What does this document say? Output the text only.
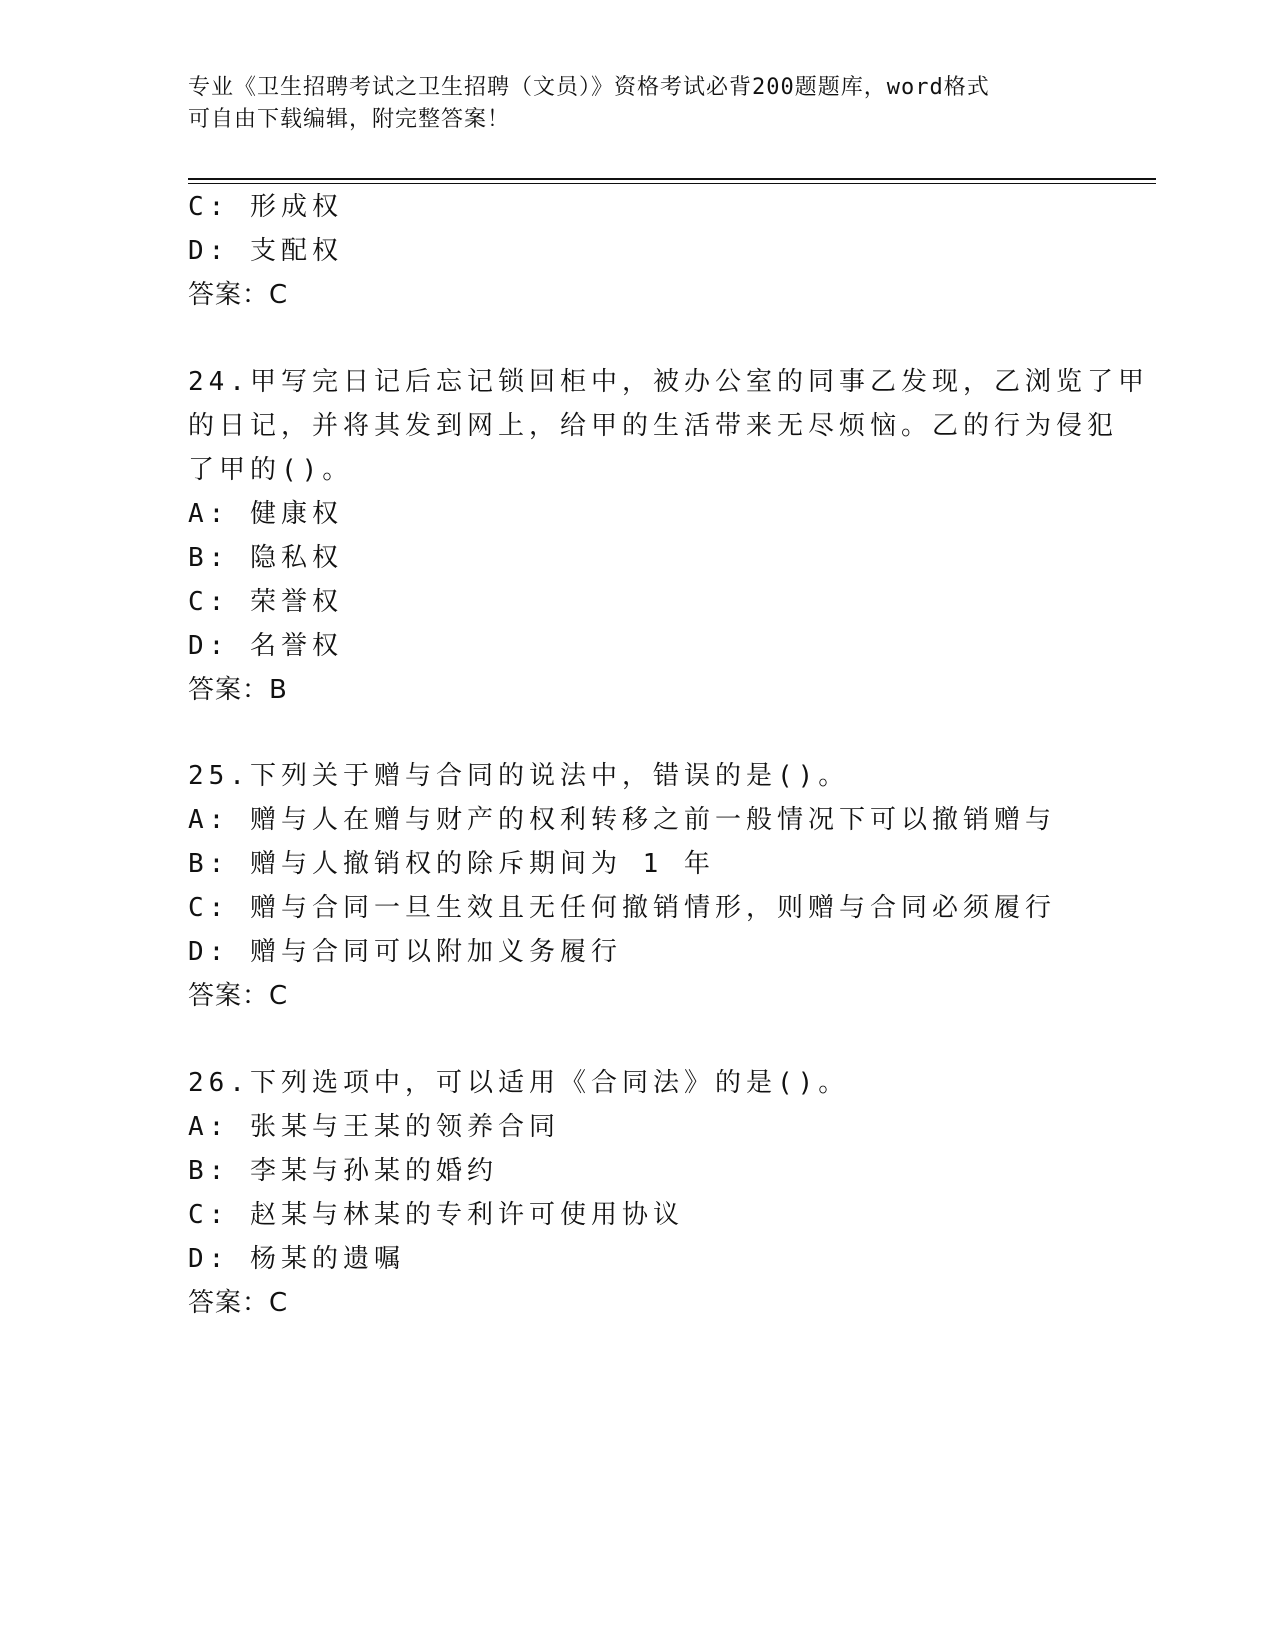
专业《卫生招聘考试之卫生招聘（文员）》资格考试必背200题题库，word格式
可自由下载编辑，附完整答案！
C: 形成权
D: 支配权
答案：C
24.甲写完日记后忘记锁回柜中，被办公室的同事乙发现，乙浏览了甲
的日记，并将其发到网上，给甲的生活带来无尽烦恼。乙的行为侵犯
了甲的()。
A: 健康权
B: 隐私权
C: 荣誉权
D: 名誉权
答案：B
25.下列关于赠与合同的说法中，错误的是()。
A: 赠与人在赠与财产的权利转移之前一般情况下可以撤销赠与
B: 赠与人撤销权的除斥期间为 1 年
C: 赠与合同一旦生效且无任何撤销情形，则赠与合同必须履行
D: 赠与合同可以附加义务履行
答案：C
26.下列选项中，可以适用《合同法》的是()。
A: 张某与王某的领养合同
B: 李某与孙某的婚约
C: 赵某与林某的专利许可使用协议
D: 杨某的遗嘱
答案：C
